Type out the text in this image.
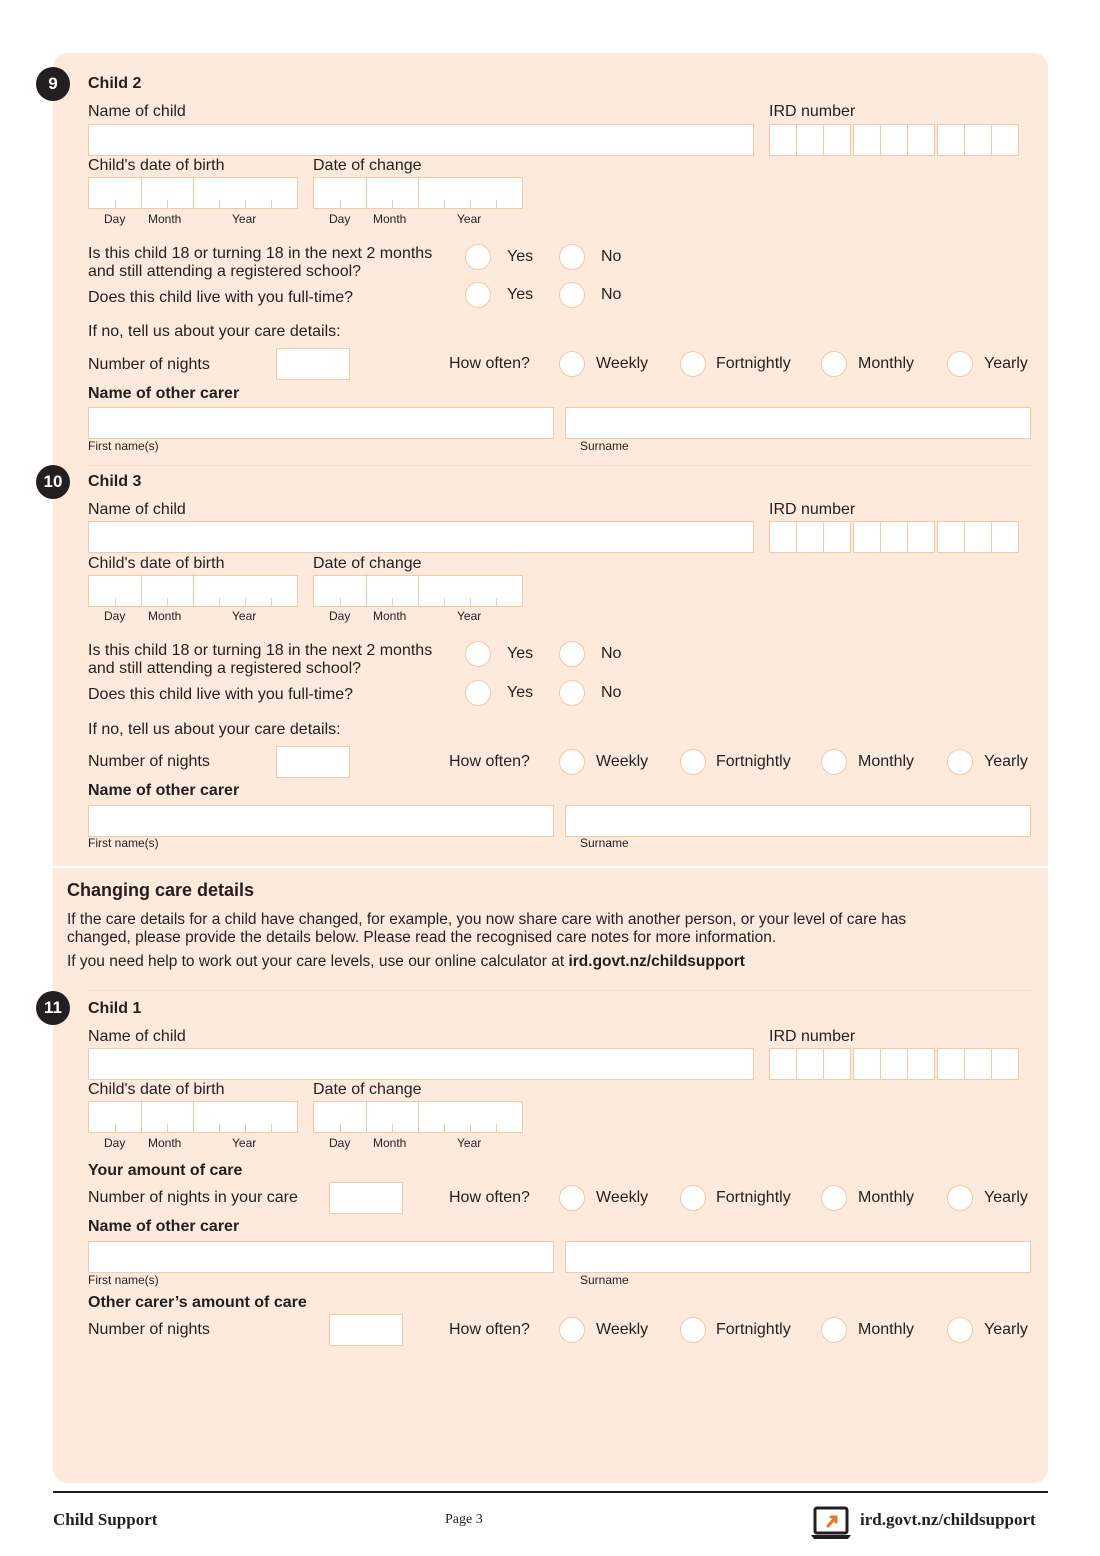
9	Child 2
Name of child	IRD number
Child's date of birth	Date of change
Day Month	Year	Day Month	Year
Is this child 18 or turning 18 in the next 2 months
and still attending a registered school?
Yes	No
Does this child live with you full-time?	Yes	No
If no, tell us about your care details:
Number of nights	How often?	Weekly	Fortnightly	Monthly	Yearly
Name of other carer
First name(s)	Surname
10	Child 3
Name of child	IRD number
Child's date of birth	Date of change
Day Month	Year	Day Month	Year
Is this child 18 or turning 18 in the next 2 months
and still attending a registered school?
Yes	No
Does this child live with you full-time?	Yes	No
If no, tell us about your care details:
Number of nights	How often?	Weekly	Fortnightly	Monthly	Yearly
Name of other carer
First name(s)	Surname
Changing care details
If the care details for a child have changed, for example, you now share care with another person, or your level of care has
changed, please provide the details below. Please read the recognised care notes for more information.
If you need help to work out your care levels, use our online calculator at ird.govt.nz/childsupport
11	Child 1
Name of child	IRD number
Child's date of birth	Date of change
Day Month	Year	Day Month	Year
Your amount of care
Number of nights in your care	How often?	Weekly	Fortnightly	Monthly	Yearly
Name of other carer
First name(s)	Surname
Other carer’s amount of care
Number of nights	How often?	Weekly	Fortnightly	Monthly	Yearly
Child Support	Page 3	ird.govt.nz/childsupport
